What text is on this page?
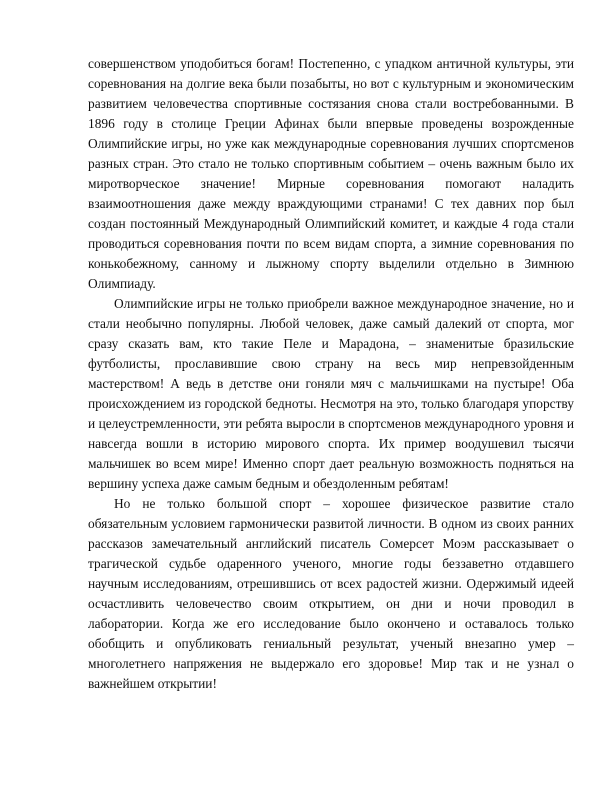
совершенством уподобиться богам! Постепенно, с упадком античной культуры, эти соревнования на долгие века были позабыты, но вот с культурным и экономическим развитием человечества спортивные состязания снова стали востребованными. В 1896 году в столице Греции Афинах были впервые проведены возрожденные Олимпийские игры, но уже как международные соревнования лучших спортсменов разных стран. Это стало не только спортивным событием – очень важным было их миротворческое значение! Мирные соревнования помогают наладить взаимоотношения даже между враждующими странами! С тех давних пор был создан постоянный Международный Олимпийский комитет, и каждые 4 года стали проводиться соревнования почти по всем видам спорта, а зимние соревнования по конькобежному, санному и лыжному спорту выделили отдельно в Зимнюю Олимпиаду.

Олимпийские игры не только приобрели важное международное значение, но и стали необычно популярны. Любой человек, даже самый далекий от спорта, мог сразу сказать вам, кто такие Пеле и Марадона, – знаменитые бразильские футболисты, прославившие свою страну на весь мир непревзойденным мастерством! А ведь в детстве они гоняли мяч с мальчишками на пустыре! Оба происхождением из городской бедноты. Несмотря на это, только благодаря упорству и целеустремленности, эти ребята выросли в спортсменов международного уровня и навсегда вошли в историю мирового спорта. Их пример воодушевил тысячи мальчишек во всем мире! Именно спорт дает реальную возможность подняться на вершину успеха даже самым бедным и обездоленным ребятам!

Но не только большой спорт – хорошее физическое развитие стало обязательным условием гармонически развитой личности. В одном из своих ранних рассказов замечательный английский писатель Сомерсет Моэм рассказывает о трагической судьбе одаренного ученого, многие годы беззаветно отдавшего научным исследованиям, отрешившись от всех радостей жизни. Одержимый идеей осчастливить человечество своим открытием, он дни и ночи проводил в лаборатории. Когда же его исследование было окончено и оставалось только обобщить и опубликовать гениальный результат, ученый внезапно умер – многолетнего напряжения не выдержало его здоровье! Мир так и не узнал о важнейшем открытии!
